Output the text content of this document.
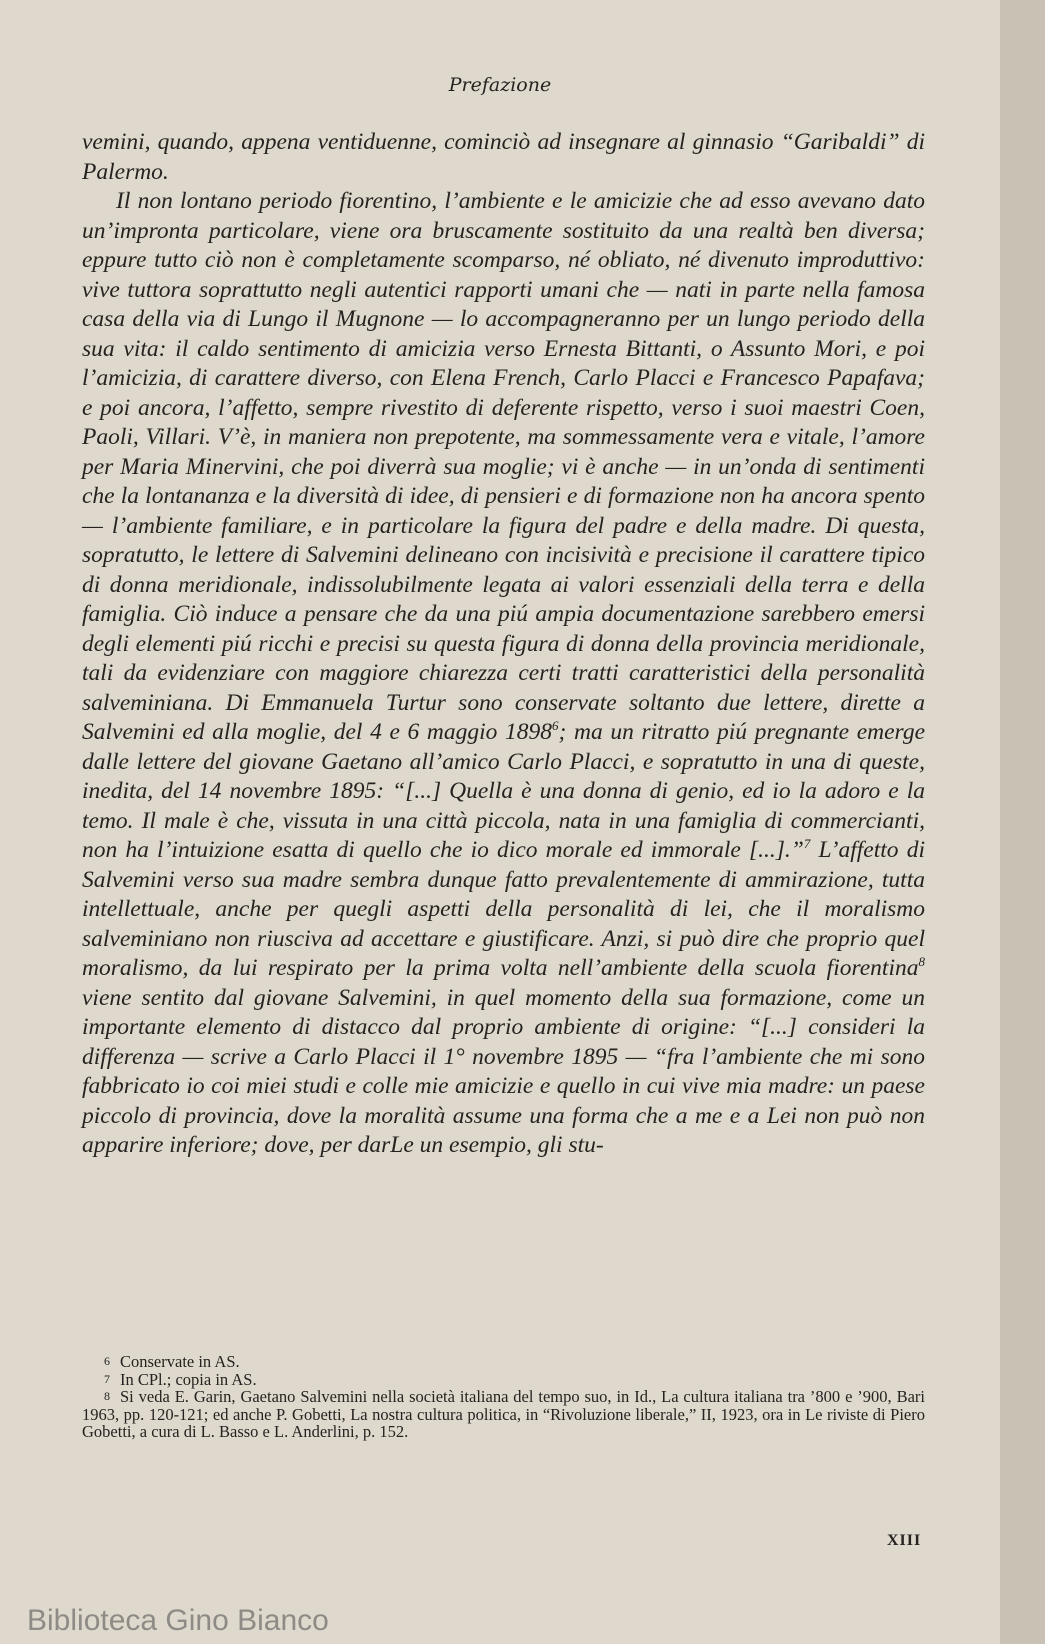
Prefazione

vemini, quando, appena ventiduenne, cominciò ad insegnare al ginnasio “Garibaldi” di Palermo.

Il non lontano periodo fiorentino, l’ambiente e le amicizie che ad esso avevano dato un’impronta particolare, viene ora bruscamente sostituito da una realtà ben diversa; eppure tutto ciò non è completamente scomparso, né obliato, né divenuto improduttivo: vive tuttora soprattutto negli autentici rapporti umani che — nati in parte nella famosa casa della via di Lungo il Mugnone — lo accompagneranno per un lungo periodo della sua vita: il caldo sentimento di amicizia verso Ernesta Bittanti, o Assunto Mori, e poi l’amicizia, di carattere diverso, con Elena French, Carlo Placci e Francesco Papafava; e poi ancora, l’affetto, sempre rivestito di deferente rispetto, verso i suoi maestri Coen, Paoli, Villari. V’è, in maniera non prepotente, ma sommessamente vera e vitale, l’amore per Maria Minervini, che poi diverrà sua moglie; vi è anche — in un’onda di sentimenti che la lontananza e la diversità di idee, di pensieri e di formazione non ha ancora spento — l’ambiente familiare, e in particolare la figura del padre e della madre. Di questa, sopratutto, le lettere di Salvemini delineano con incisività e precisione il carattere tipico di donna meridionale, indissolubilmente legata ai valori essenziali della terra e della famiglia. Ciò induce a pensare che da una piú ampia documentazione sarebbero emersi degli elementi piú ricchi e precisi su questa figura di donna della provincia meridionale, tali da evidenziare con maggiore chiarezza certi tratti caratteristici della personalità salveminiana. Di Emmanuela Turtur sono conservate soltanto due lettere, dirette a Salvemini ed alla moglie, del 4 e 6 maggio 1898$^6$; ma un ritratto piú pregnante emerge dalle lettere del giovane Gaetano all’amico Carlo Placci, e sopratutto in una di queste, inedita, del 14 novembre 1895: “[...] Quella è una donna di genio, ed io la adoro e la temo. Il male è che, vissuta in una città piccola, nata in una famiglia di commercianti, non ha l’intuizione esatta di quello che io dico morale ed immorale [...].”$^7$ L’affetto di Salvemini verso sua madre sembra dunque fatto prevalentemente di ammirazione, tutta intellettuale, anche per quegli aspetti della personalità di lei, che il moralismo salveminiano non riusciva ad accettare e giustificare. Anzi, si può dire che proprio quel moralismo, da lui respirato per la prima volta nell’ambiente della scuola fiorentina$^8$ viene sentito dal giovane Salvemini, in quel momento della sua formazione, come un importante elemento di distacco dal proprio ambiente di origine: “[...] consideri la differenza — scrive a Carlo Placci il 1° novembre 1895 — “fra l’ambiente che mi sono fabbricato io coi miei studi e colle mie amicizie e quello in cui vive mia madre: un paese piccolo di provincia, dove la moralità assume una forma che a me e a Lei non può non apparire inferiore; dove, per darLe un esempio, gli stu-

6 Conservate in AS.

7 In CPl.; copia in AS.

8 Si veda E. Garin, Gaetano Salvemini nella società italiana del tempo suo, in Id., La cultura italiana tra ’800 e ’900, Bari 1963, pp. 120-121; ed anche P. Gobetti, La nostra cultura politica, in “Rivoluzione liberale,” II, 1923, ora in Le riviste di Piero Gobetti, a cura di L. Basso e L. Anderlini, p. 152.

XIII
Biblioteca Gino Bianco
